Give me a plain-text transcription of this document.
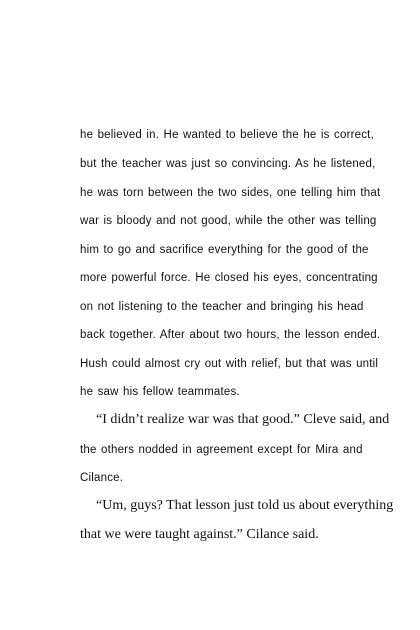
he believed in. He wanted to believe the he is correct,
but the teacher was just so convincing. As he listened,
he was torn between the two sides, one telling him that
war is bloody and not good, while the other was telling
him to go and sacrifice everything for the good of the
more powerful force. He closed his eyes, concentrating
on not listening to the teacher and bringing his head
back together. After about two hours, the lesson ended.
Hush could almost cry out with relief, but that was until
he saw his fellow teammates.
“I didn’t realize war was that good.” Cleve said, and
the others nodded in agreement except for Mira and
Cilance.
“Um, guys? That lesson just told us about everything
that we were taught against.” Cilance said.
